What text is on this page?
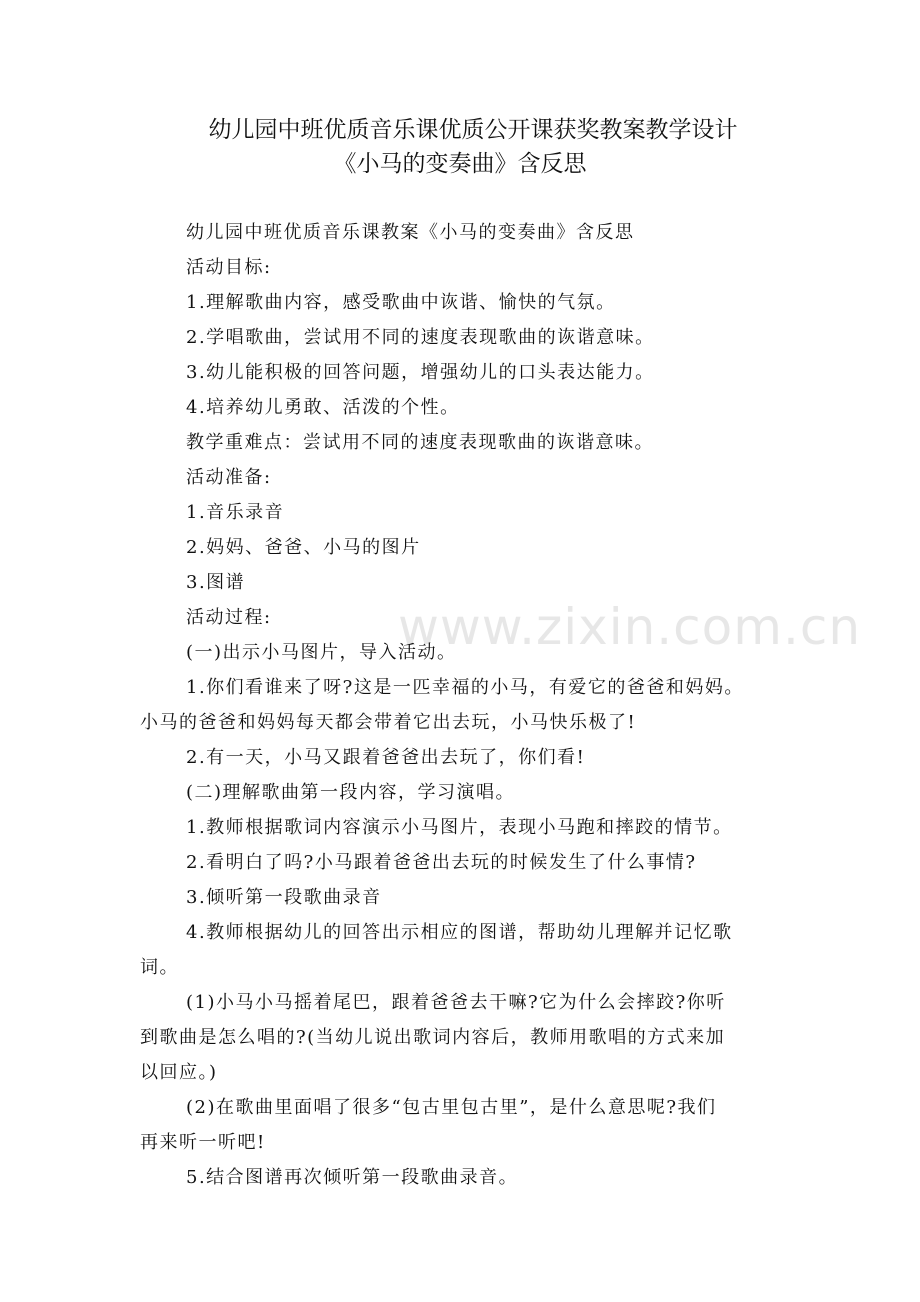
幼儿园中班优质音乐课优质公开课获奖教案教学设计
《小马的变奏曲》含反思
www.zixin.com.cn
幼儿园中班优质音乐课教案《小马的变奏曲》含反思
活动目标:
1.理解歌曲内容，感受歌曲中诙谐、愉快的气氛。
2.学唱歌曲，尝试用不同的速度表现歌曲的诙谐意味。
3.幼儿能积极的回答问题，增强幼儿的口头表达能力。
4.培养幼儿勇敢、活泼的个性。
教学重难点：尝试用不同的速度表现歌曲的诙谐意味。
活动准备:
1.音乐录音
2.妈妈、爸爸、小马的图片
3.图谱
活动过程:
(一)出示小马图片，导入活动。
1.你们看谁来了呀?这是一匹幸福的小马，有爱它的爸爸和妈妈。
小马的爸爸和妈妈每天都会带着它出去玩，小马快乐极了!
2.有一天，小马又跟着爸爸出去玩了，你们看!
(二)理解歌曲第一段内容，学习演唱。
1.教师根据歌词内容演示小马图片，表现小马跑和摔跤的情节。
2.看明白了吗?小马跟着爸爸出去玩的时候发生了什么事情?
3.倾听第一段歌曲录音
4.教师根据幼儿的回答出示相应的图谱，帮助幼儿理解并记忆歌
词。
(1)小马小马摇着尾巴，跟着爸爸去干嘛?它为什么会摔跤?你听
到歌曲是怎么唱的?(当幼儿说出歌词内容后，教师用歌唱的方式来加
以回应。)
(2)在歌曲里面唱了很多“包古里包古里”，是什么意思呢?我们
再来听一听吧!
5.结合图谱再次倾听第一段歌曲录音。
